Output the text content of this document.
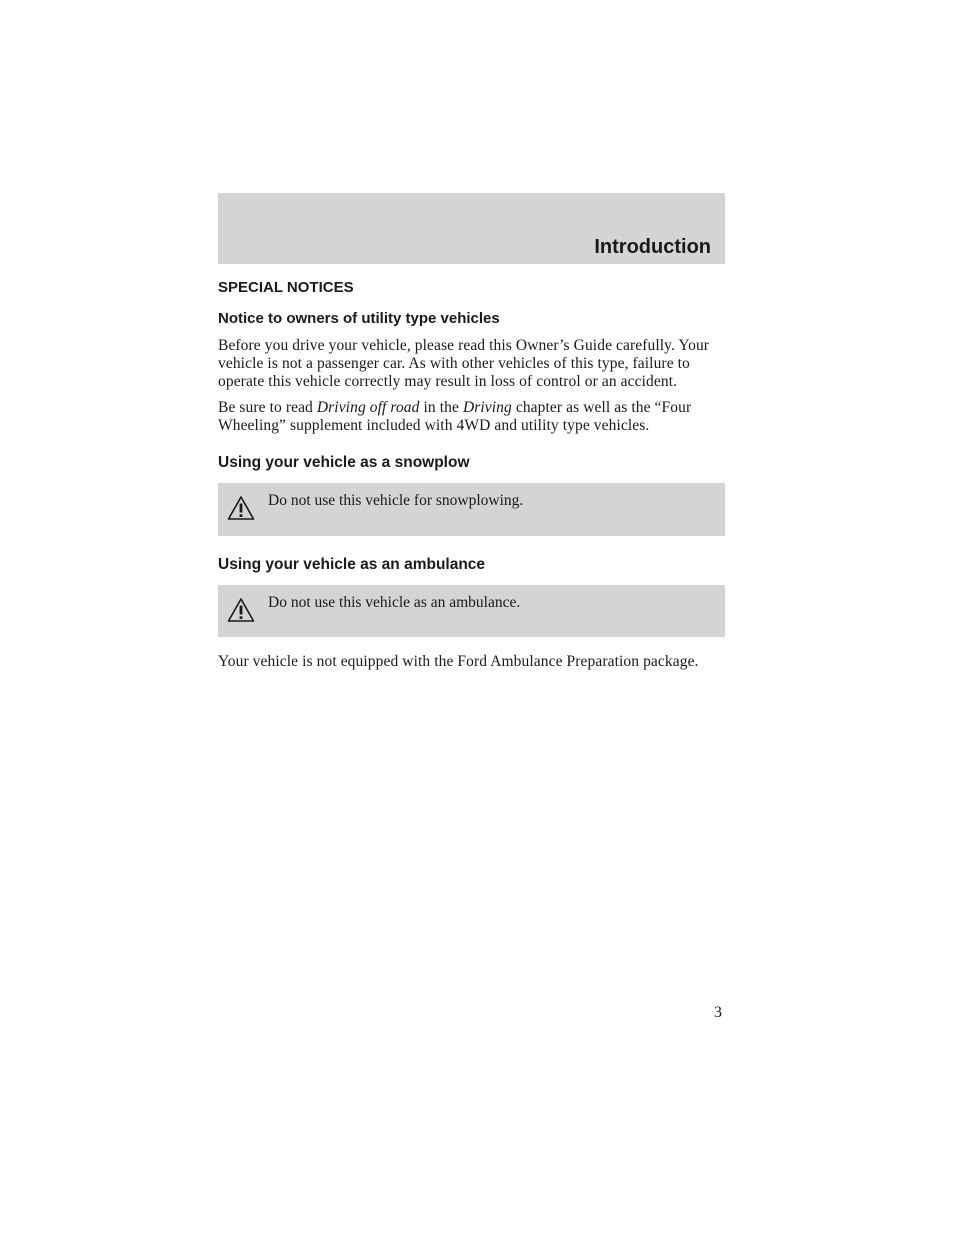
Introduction
SPECIAL NOTICES
Notice to owners of utility type vehicles

Before you drive your vehicle, please read this Owner’s Guide carefully. Your vehicle is not a passenger car. As with other vehicles of this type, failure to operate this vehicle correctly may result in loss of control or an accident.

Be sure to read Driving off road in the Driving chapter as well as the “Four Wheeling” supplement included with 4WD and utility type vehicles.

Using your vehicle as a snowplow
Do not use this vehicle for snowplowing.
Using your vehicle as an ambulance
Do not use this vehicle as an ambulance.

Your vehicle is not equipped with the Ford Ambulance Preparation package.

3
